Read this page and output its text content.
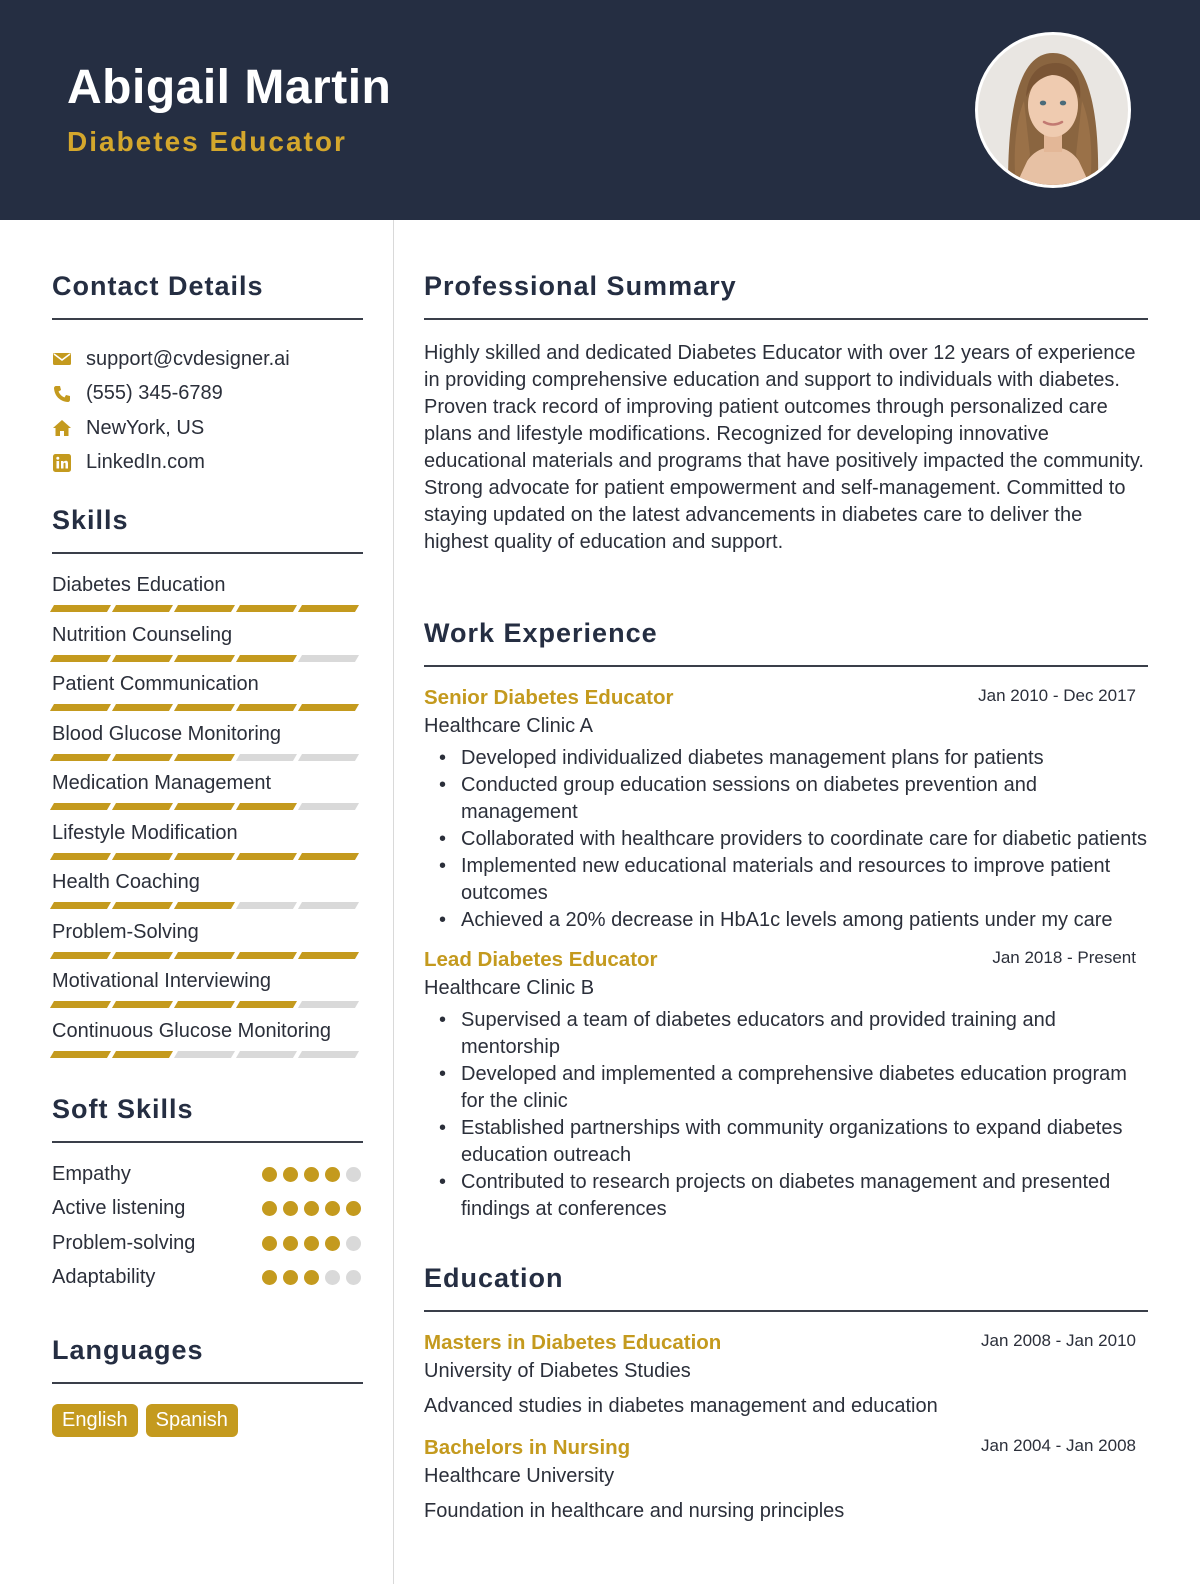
Abigail Martin
Diabetes Educator
Contact Details
support@cvdesigner.ai
(555) 345-6789
NewYork, US
LinkedIn.com
Skills
Diabetes Education
Nutrition Counseling
Patient Communication
Blood Glucose Monitoring
Medication Management
Lifestyle Modification
Health Coaching
Problem-Solving
Motivational Interviewing
Continuous Glucose Monitoring
Soft Skills
Empathy
Active listening
Problem-solving
Adaptability
Languages
English	Spanish
Professional Summary

Highly skilled and dedicated Diabetes Educator with over 12 years of experience in providing comprehensive education and support to individuals with diabetes. Proven track record of improving patient outcomes through personalized care plans and lifestyle modifications. Recognized for developing innovative educational materials and programs that have positively impacted the community. Strong advocate for patient empowerment and self-management. Committed to staying updated on the latest advancements in diabetes care to deliver the highest quality of education and support.

Work Experience
Senior Diabetes Educator	Jan 2010 - Dec 2017
Healthcare Clinic A
• Developed individualized diabetes management plans for patients
• Conducted group education sessions on diabetes prevention and management
• Collaborated with healthcare providers to coordinate care for diabetic patients
• Implemented new educational materials and resources to improve patient outcomes
• Achieved a 20% decrease in HbA1c levels among patients under my care
Lead Diabetes Educator	Jan 2018 - Present
Healthcare Clinic B
• Supervised a team of diabetes educators and provided training and mentorship
• Developed and implemented a comprehensive diabetes education program for the clinic
• Established partnerships with community organizations to expand diabetes education outreach
• Contributed to research projects on diabetes management and presented findings at conferences
Education
Masters in Diabetes Education	Jan 2008 - Jan 2010
University of Diabetes Studies
Advanced studies in diabetes management and education
Bachelors in Nursing	Jan 2004 - Jan 2008
Healthcare University
Foundation in healthcare and nursing principles
